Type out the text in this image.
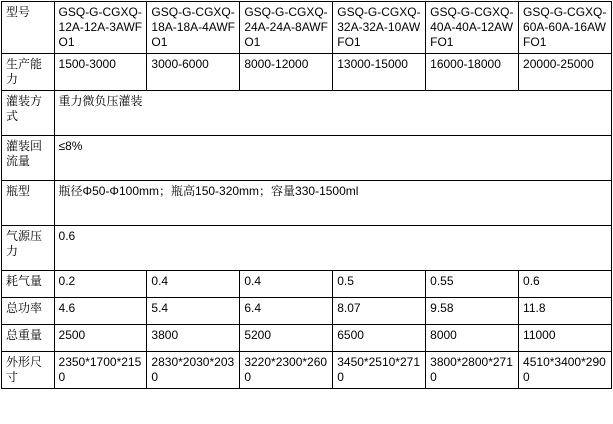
型号	GSQ-G-CGXQ-12A-12A-3AWFO1	GSQ-G-CGXQ-18A-18A-4AWFO1	GSQ-G-CGXQ-24A-24A-8AWFO1	GSQ-G-CGXQ-32A-32A-10AWFO1	GSQ-G-CGXQ-40A-40A-12AWFO1	GSQ-G-CGXQ-60A-60A-16AWFO1
生产能力	1500-3000	3000-6000	8000-12000	13000-15000	16000-18000	20000-25000
灌装方式	重力微负压灌装					
灌装回流量	≤8%					
瓶型	瓶径Φ50-Φ100mm；瓶高150-320mm；容量330-1500ml					
气源压力	0.6					
耗气量	0.2	0.4	0.4	0.5	0.55	0.6
总功率	4.6	5.4	6.4	8.07	9.58	11.8
总重量	2500	3800	5200	6500	8000	11000
外形尺寸	2350*1700*2150	2830*2030*2030	3220*2300*2600	3450*2510*2710	3800*2800*2710	4510*3400*2900
